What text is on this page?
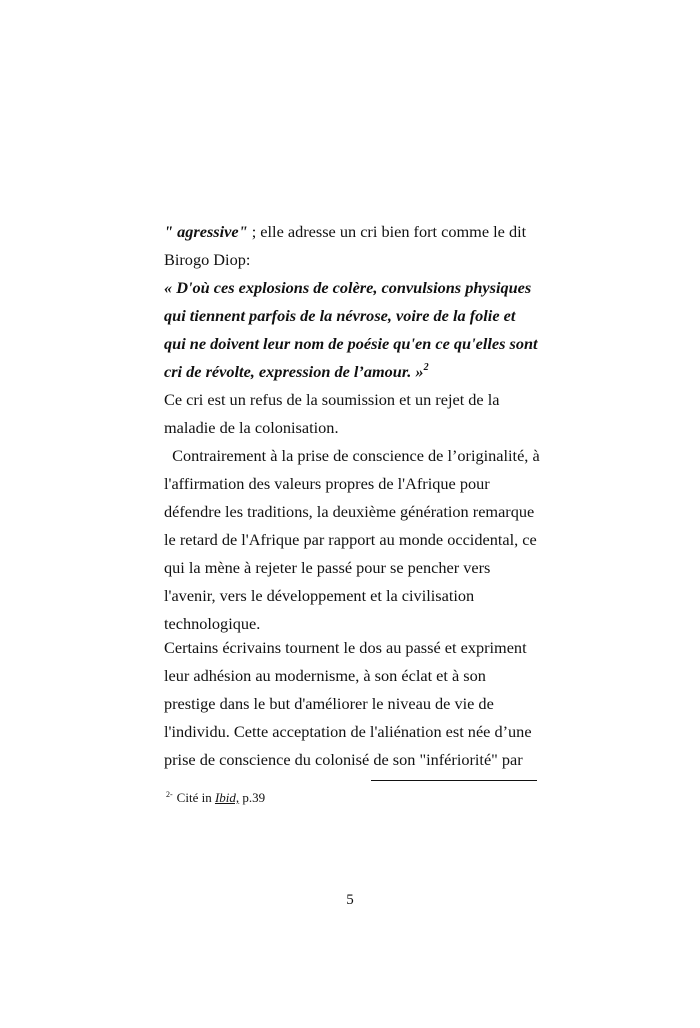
" agressive" ; elle adresse un cri bien fort comme le dit
Birogo Diop:
« D'où ces explosions de colère, convulsions physiques
qui tiennent parfois de la névrose, voire de la folie et
qui ne doivent leur nom de poésie qu'en ce qu'elles sont
cri de révolte, expression de l’amour. »$^2$
Ce cri est un refus de la soumission et un rejet de la
maladie de la colonisation.
Contrairement à la prise de conscience de l’originalité, à
l'affirmation des valeurs propres de l'Afrique pour
défendre les traditions, la deuxième génération remarque
le retard de l'Afrique par rapport au monde occidental, ce
qui la mène à rejeter le passé pour se pencher vers
l'avenir, vers le développement et la civilisation
technologique.
Certains écrivains tournent le dos au passé et expriment
leur adhésion au modernisme, à son éclat et à son
prestige dans le but d'améliorer le niveau de vie de
l'individu. Cette acceptation de l'aliénation est née d’une
prise de conscience du colonisé de son "infériorité" par
$^{2-}$ Cité in Ibid, p.39
5
